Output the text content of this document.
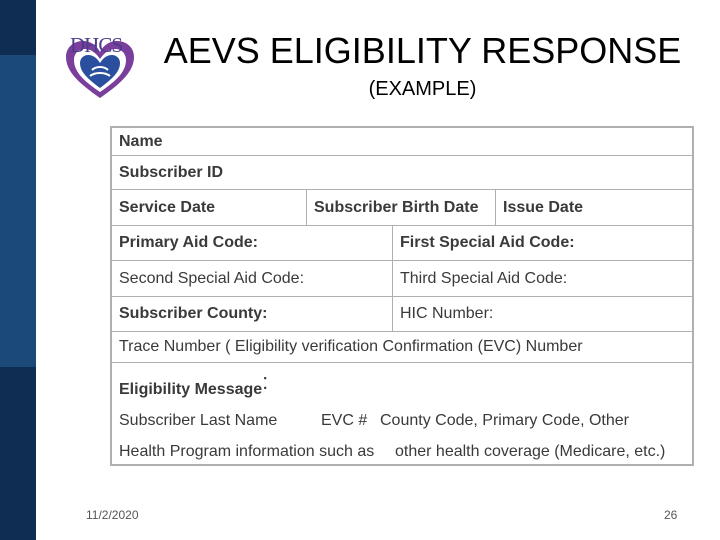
DHCS	AEVS ELIGIBILITY RESPONSE
(EXAMPLE)
Name
Subscriber ID
Service Date	Subscriber Birth Date	Issue Date
Primary Aid Code:	First Special Aid Code:
Second Special Aid Code:	Third Special Aid Code:
Subscriber County:	HIC Number:
Trace Number ( Eligibility verification Confirmation (EVC) Number
Eligibility Message:
Subscriber Last Name	EVC # County Code, Primary Code, Other
Health Program information such as other health coverage (Medicare, etc.)
11/2/2020	26
